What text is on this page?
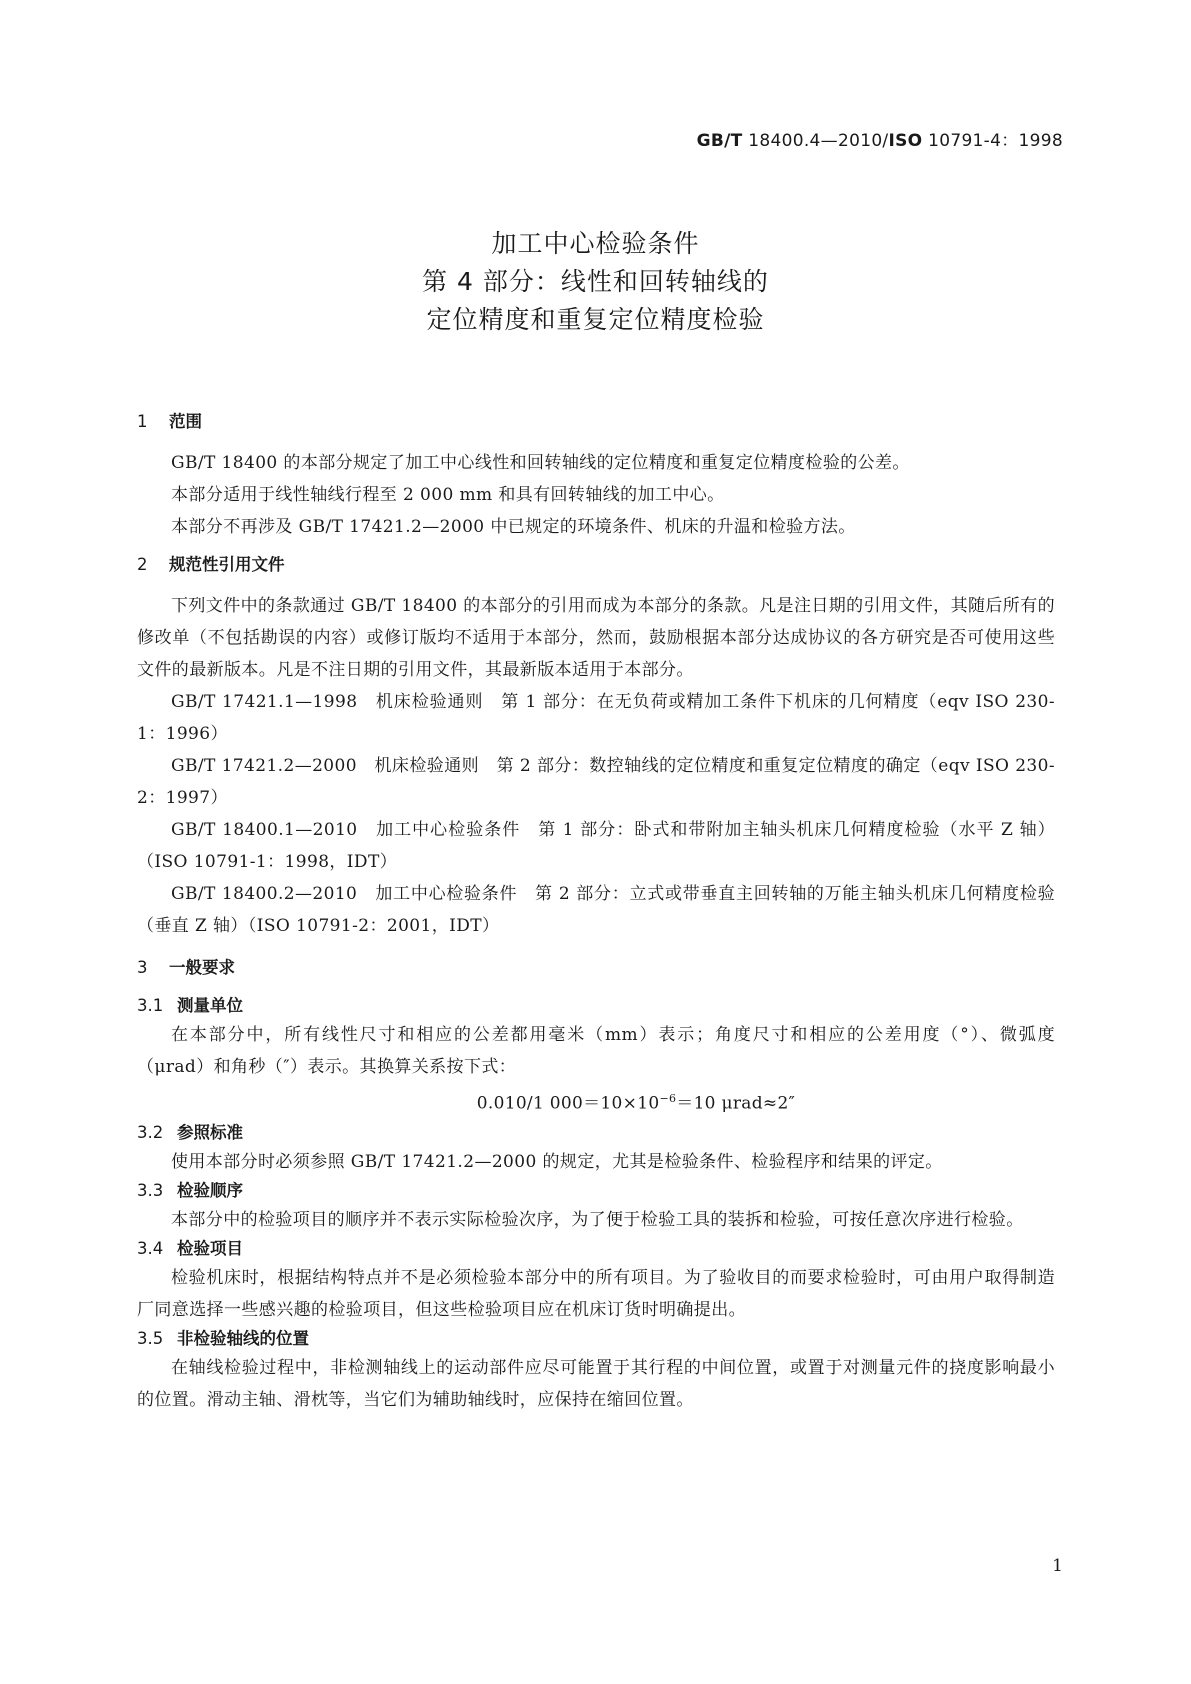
GB/T 18400.4—2010/ISO 10791-4：1998
加工中心检验条件
第 4 部分：线性和回转轴线的
定位精度和重复定位精度检验
1 范围

GB/T 18400 的本部分规定了加工中心线性和回转轴线的定位精度和重复定位精度检验的公差。

本部分适用于线性轴线行程至 2 000 mm 和具有回转轴线的加工中心。

本部分不再涉及 GB/T 17421.2—2000 中已规定的环境条件、机床的升温和检验方法。

2 规范性引用文件

下列文件中的条款通过 GB/T 18400 的本部分的引用而成为本部分的条款。凡是注日期的引用文件，其随后所有的修改单（不包括勘误的内容）或修订版均不适用于本部分，然而，鼓励根据本部分达成协议的各方研究是否可使用这些文件的最新版本。凡是不注日期的引用文件，其最新版本适用于本部分。

GB/T 17421.1—1998　机床检验通则　第 1 部分：在无负荷或精加工条件下机床的几何精度（eqv ISO 230-1：1996）

GB/T 17421.2—2000　机床检验通则　第 2 部分：数控轴线的定位精度和重复定位精度的确定（eqv ISO 230-2：1997）

GB/T 18400.1—2010　加工中心检验条件　第 1 部分：卧式和带附加主轴头机床几何精度检验（水平 Z 轴）（ISO 10791-1：1998，IDT）

GB/T 18400.2—2010　加工中心检验条件　第 2 部分：立式或带垂直主回转轴的万能主轴头机床几何精度检验（垂直 Z 轴）（ISO 10791-2：2001，IDT）

3 一般要求
3.1 测量单位

在本部分中，所有线性尺寸和相应的公差都用毫米（mm）表示；角度尺寸和相应的公差用度（°）、微弧度（μrad）和角秒（″）表示。其换算关系按下式：

0.010/1 $000=10\times 10^{-6}=10$ μrad≈2″
3.2 参照标准

使用本部分时必须参照 GB/T 17421.2—2000 的规定，尤其是检验条件、检验程序和结果的评定。

3.3 检验顺序

本部分中的检验项目的顺序并不表示实际检验次序，为了便于检验工具的装拆和检验，可按任意次序进行检验。

3.4 检验项目

检验机床时，根据结构特点并不是必须检验本部分中的所有项目。为了验收目的而要求检验时，可由用户取得制造厂同意选择一些感兴趣的检验项目，但这些检验项目应在机床订货时明确提出。

3.5 非检验轴线的位置

在轴线检验过程中，非检测轴线上的运动部件应尽可能置于其行程的中间位置，或置于对测量元件的挠度影响最小的位置。滑动主轴、滑枕等，当它们为辅助轴线时，应保持在缩回位置。

1
